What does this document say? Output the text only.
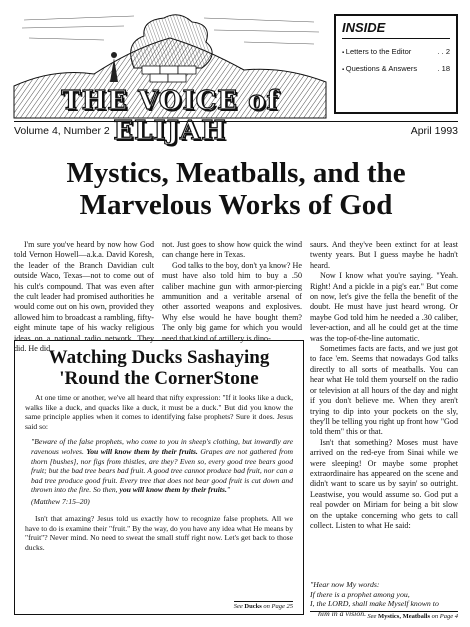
THE VOICE of ELIJAH
INSIDE
▪ Letters to the Editor	. . 2
▪ Questions & Answers	. 18
Volume 4, Number 2	April 1993
Mystics, Meatballs, and the
Marvelous Works of God

I'm sure you've heard by now how God told Vernon Howell—a.k.a. David Koresh, the leader of the Branch Davidian cult outside Waco, Texas—not to come out of his cult's compound. That was even after the cult leader had promised authorities he would come out on his own, provided they allowed him to broadcast a rambling, fifty-eight minute tape of his wacky religious ideas on a national radio network. They did. He did

not. Just goes to show how quick the wind can change here in Texas.

God talks to the boy, don't ya know? He must have also told him to buy a .50 caliber machine gun with armor-piercing ammunition and a veritable arsenal of other assorted weapons and explosives. Why else would he have bought them? The only big game for which you would need that kind of artillery is dino-

saurs. And they've been extinct for at least twenty years. But I guess maybe he hadn't heard.

Now I know what you're saying. "Yeah. Right! And a pickle in a pig's ear." But come on now, let's give the fella the benefit of the doubt. He must have just heard wrong. Or maybe God told him he needed a .30 caliber, lever-action, and all he could get at the time was the top-of-the-line automatic.

Sometimes facts are facts, and we just got to face 'em. Seems that nowadays God talks directly to all sorts of meatballs. You can hear what He told them yourself on the radio or television at all hours of the day and night if you don't believe me. When they aren't trying to dip into your pockets on the sly, they'll be telling you right up front how "God told them" this or that.

Isn't that something? Moses must have arrived on the red-eye from Sinai while we were sleeping! Or maybe some prophet extraordinaire has appeared on the scene and didn't want to scare us by sayin' so outright. Leastwise, you would assume so. God put a real powder on Miriam for being a bit slow on the uptake concerning who gets to call collect. Listen to what He said:

"Hear now My words:
If there is a prophet among you,
I, the LORD, shall make Myself known to
him in a vision. See Mystics, Meatballs on Page 4
Watching Ducks Sashaying
'Round the CornerStone

At one time or another, we've all heard that nifty expression: "If it looks like a duck, walks like a duck, and quacks like a duck, it must be a duck." But did you know the same principle applies when it comes to identifying false prophets? Sure it does. Jesus said so:

"Beware of the false prophets, who come to you in sheep's clothing, but inwardly are ravenous wolves. You will know them by their fruits. Grapes are not gathered from thorn [bushes], nor figs from thistles, are they? Even so, every good tree bears good fruit; but the bad tree bears bad fruit. A good tree cannot produce bad fruit, nor can a bad tree produce good fruit. Every tree that does not bear good fruit is cut down and thrown into the fire. So then, you will know them by their fruits."

(Matthew 7:15–20)

Isn't that amazing? Jesus told us exactly how to recognize false prophets. All we have to do is examine their "fruit." By the way, do you have any idea what He means by "fruit"? Never mind. No need to sweat the small stuff right now. Let's get back to those ducks.

See Ducks on Page 25
